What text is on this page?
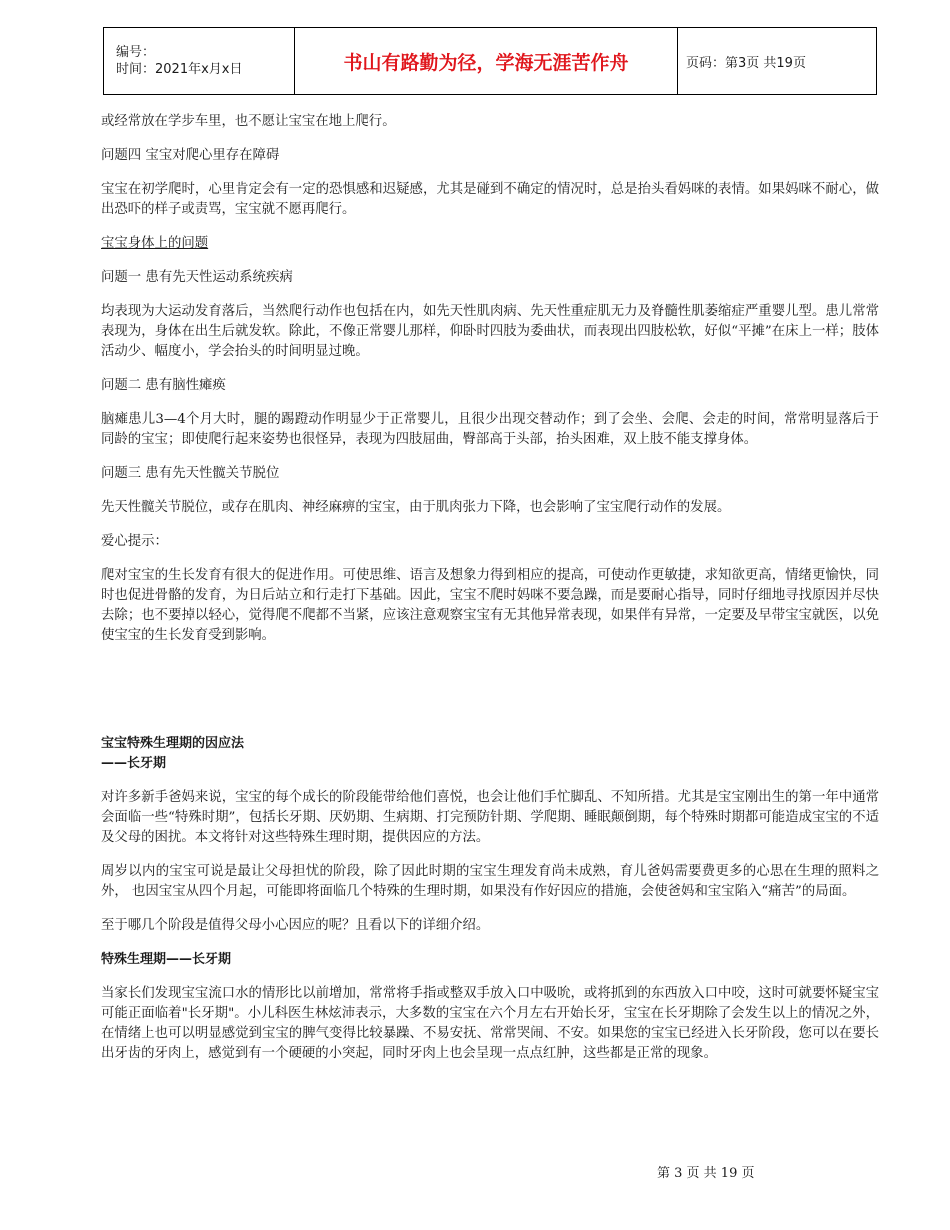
编号：
时间：2021年x月x日	书山有路勤为径，学海无涯苦作舟	页码：第3页 共19页

或经常放在学步车里，也不愿让宝宝在地上爬行。

问题四 宝宝对爬心里存在障碍

宝宝在初学爬时，心里肯定会有一定的恐惧感和迟疑感，尤其是碰到不确定的情况时，总是抬头看妈咪的表情。如果妈咪不耐心，做出恐吓的样子或责骂，宝宝就不愿再爬行。

宝宝身体上的问题

问题一 患有先天性运动系统疾病

均表现为大运动发育落后，当然爬行动作也包括在内，如先天性肌肉病、先天性重症肌无力及脊髓性肌萎缩症严重婴儿型。患儿常常表现为，身体在出生后就发软。除此，不像正常婴儿那样，仰卧时四肢为委曲状，而表现出四肢松软，好似“平摊”在床上一样；肢体活动少、幅度小，学会抬头的时间明显过晚。

问题二 患有脑性瘫痪

脑瘫患儿3—4个月大时，腿的踢蹬动作明显少于正常婴儿，且很少出现交替动作；到了会坐、会爬、会走的时间，常常明显落后于同龄的宝宝；即使爬行起来姿势也很怪异，表现为四肢屈曲，臀部高于头部，抬头困难，双上肢不能支撑身体。

问题三 患有先天性髋关节脱位

先天性髋关节脱位，或存在肌肉、神经麻痹的宝宝，由于肌肉张力下降，也会影响了宝宝爬行动作的发展。

爱心提示：

爬对宝宝的生长发育有很大的促进作用。可使思维、语言及想象力得到相应的提高，可使动作更敏捷，求知欲更高，情绪更愉快，同时也促进骨骼的发育，为日后站立和行走打下基础。因此，宝宝不爬时妈咪不要急躁，而是要耐心指导，同时仔细地寻找原因并尽快去除；也不要掉以轻心，觉得爬不爬都不当紧，应该注意观察宝宝有无其他异常表现，如果伴有异常，一定要及早带宝宝就医，以免使宝宝的生长发育受到影响。

宝宝特殊生理期的因应法
——长牙期

对许多新手爸妈来说，宝宝的每个成长的阶段能带给他们喜悦，也会让他们手忙脚乱、不知所措。尤其是宝宝刚出生的第一年中通常会面临一些“特殊时期”，包括长牙期、厌奶期、生病期、打完预防针期、学爬期、睡眠颠倒期，每个特殊时期都可能造成宝宝的不适及父母的困扰。本文将针对这些特殊生理时期，提供因应的方法。

周岁以内的宝宝可说是最让父母担忧的阶段，除了因此时期的宝宝生理发育尚未成熟，育儿爸妈需要费更多的心思在生理的照料之外， 也因宝宝从四个月起，可能即将面临几个特殊的生理时期，如果没有作好因应的措施，会使爸妈和宝宝陷入“痛苦”的局面。

至于哪几个阶段是值得父母小心因应的呢？且看以下的详细介绍。

特殊生理期——长牙期

当家长们发现宝宝流口水的情形比以前增加，常常将手指或整双手放入口中吸吮，或将抓到的东西放入口中咬，这时可就要怀疑宝宝可能正面临着"长牙期"。小儿科医生林炫沛表示，大多数的宝宝在六个月左右开始长牙，宝宝在长牙期除了会发生以上的情况之外，在情绪上也可以明显感觉到宝宝的脾气变得比较暴躁、不易安抚、常常哭闹、不安。如果您的宝宝已经进入长牙阶段，您可以在要长出牙齿的牙肉上，感觉到有一个硬硬的小突起，同时牙肉上也会呈现一点点红肿，这些都是正常的现象。

第 3 页 共 19 页
